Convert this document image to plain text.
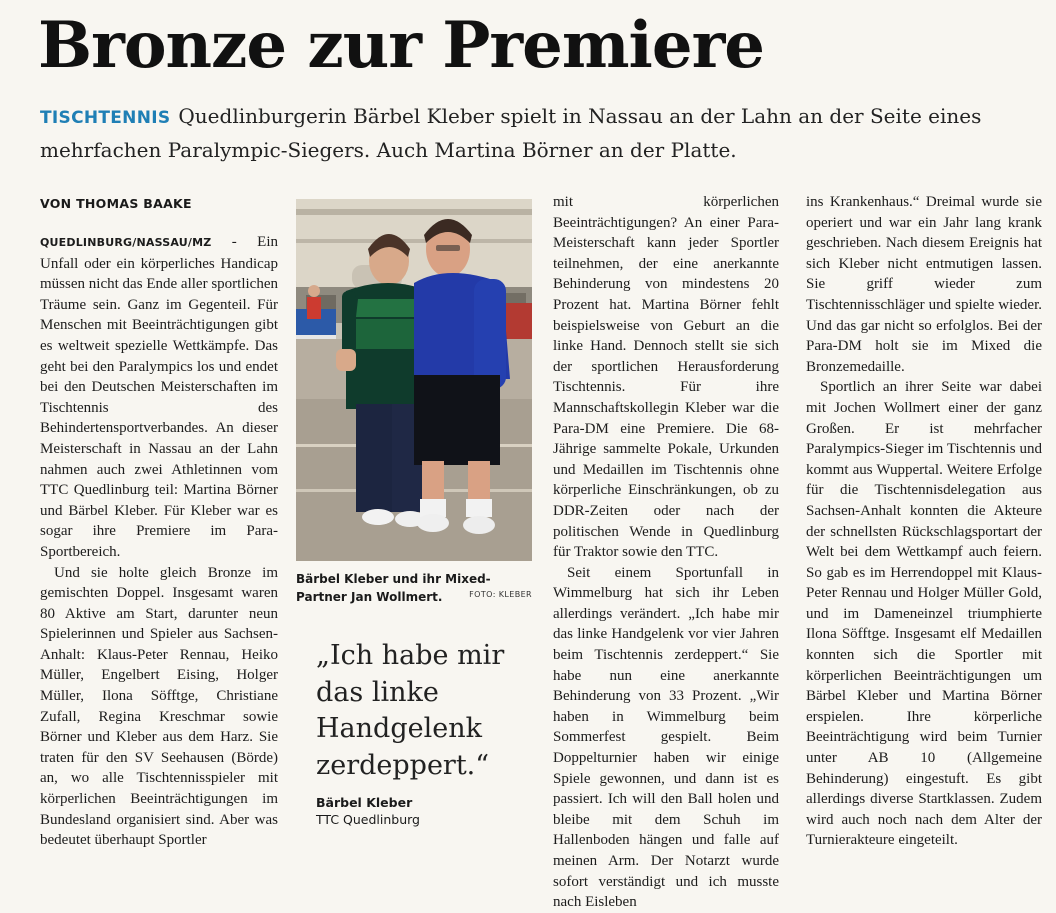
Bronze zur Premiere

TISCHTENNIS Quedlinburgerin Bärbel Kleber spielt in Nassau an der Lahn an der Seite eines mehrfachen Paralympic-Siegers. Auch Martina Börner an der Platte.

VON THOMAS BAAKE

QUEDLINBURG/NASSAU/MZ - Ein Unfall oder ein körperliches Handicap müssen nicht das Ende aller sportlichen Träume sein. Ganz im Gegenteil. Für Menschen mit Beeinträchtigungen gibt es weltweit spezielle Wettkämpfe. Das geht bei den Paralympics los und endet bei den Deutschen Meisterschaften im Tischtennis des Behindertensportverbandes. An dieser Meisterschaft in Nassau an der Lahn nahmen auch zwei Athletinnen vom TTC Quedlinburg teil: Martina Börner und Bärbel Kleber. Für Kleber war es sogar ihre Premiere im Para-Sportbereich.

Und sie holte gleich Bronze im gemischten Doppel. Insgesamt waren 80 Aktive am Start, darunter neun Spielerinnen und Spieler aus Sachsen-Anhalt: Klaus-Peter Rennau, Heiko Müller, Engelbert Eising, Holger Müller, Ilona Söfftge, Christiane Zufall, Regina Kreschmar sowie Börner und Kleber aus dem Harz. Sie traten für den SV Seehausen (Börde) an, wo alle Tischtennisspieler mit körperlichen Beeinträchtigungen im Bundesland organisiert sind. Aber was bedeutet überhaupt Sportler

Bärbel Kleber und ihr Mixed-Partner Jan Wollmert.	FOTO: KLEBER

„Ich habe mir das linke Handgelenk zerdeppert.“

Bärbel Kleber
TTC Quedlinburg

mit körperlichen Beeinträchtigungen? An einer Para-Meisterschaft kann jeder Sportler teilnehmen, der eine anerkannte Behinderung von mindestens 20 Prozent hat. Martina Börner fehlt beispielsweise von Geburt an die linke Hand. Dennoch stellt sie sich der sportlichen Herausforderung Tischtennis. Für ihre Mannschaftskollegin Kleber war die Para-DM eine Premiere. Die 68-Jährige sammelte Pokale, Urkunden und Medaillen im Tischtennis ohne körperliche Einschränkungen, ob zu DDR-Zeiten oder nach der politischen Wende in Quedlinburg für Traktor sowie den TTC.

Seit einem Sportunfall in Wimmelburg hat sich ihr Leben allerdings verändert. „Ich habe mir das linke Handgelenk vor vier Jahren beim Tischtennis zerdeppert.“ Sie habe nun eine anerkannte Behinderung von 33 Prozent. „Wir haben in Wimmelburg beim Sommerfest gespielt. Beim Doppelturnier haben wir einige Spiele gewonnen, und dann ist es passiert. Ich will den Ball holen und bleibe mit dem Schuh im Hallenboden hängen und falle auf meinen Arm. Der Notarzt wurde sofort verständigt und ich musste nach Eisleben

ins Krankenhaus.“ Dreimal wurde sie operiert und war ein Jahr lang krank geschrieben. Nach diesem Ereignis hat sich Kleber nicht entmutigen lassen. Sie griff wieder zum Tischtennisschläger und spielte wieder. Und das gar nicht so erfolglos. Bei der Para-DM holt sie im Mixed die Bronzemedaille.

Sportlich an ihrer Seite war dabei mit Jochen Wollmert einer der ganz Großen. Er ist mehrfacher Paralympics-Sieger im Tischtennis und kommt aus Wuppertal. Weitere Erfolge für die Tischtennisdelegation aus Sachsen-Anhalt konnten die Akteure der schnellsten Rückschlagsportart der Welt bei dem Wettkampf auch feiern. So gab es im Herrendoppel mit Klaus-Peter Rennau und Holger Müller Gold, und im Dameneinzel triumphierte Ilona Söfftge. Insgesamt elf Medaillen konnten sich die Sportler mit körperlichen Beeinträchtigungen um Bärbel Kleber und Martina Börner erspielen. Ihre körperliche Beeinträchtigung wird beim Turnier unter AB 10 (Allgemeine Behinderung) eingestuft. Es gibt allerdings diverse Startklassen. Zudem wird auch noch nach dem Alter der Turnierakteure eingeteilt.
